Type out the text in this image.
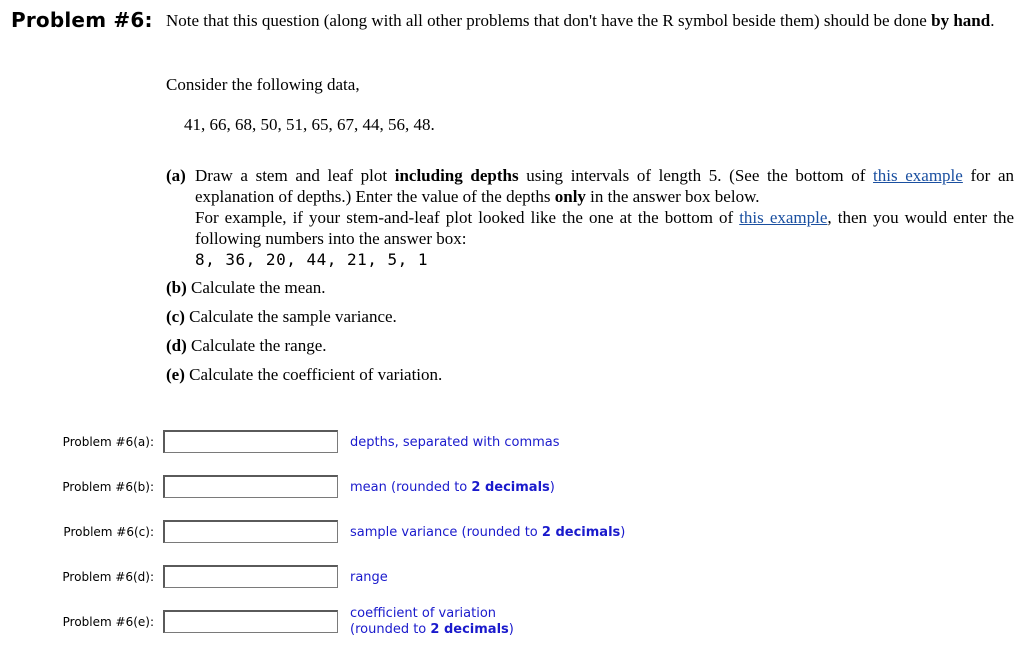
Problem #6: Note that this question (along with all other problems that don't have the R symbol beside them) should be done by hand.
Consider the following data,
41, 66, 68, 50, 51, 65, 67, 44, 56, 48.
(a) Draw a stem and leaf plot including depths using intervals of length 5. (See the bottom of this example for an explanation of depths.) Enter the value of the depths only in the answer box below.
For example, if your stem-and-leaf plot looked like the one at the bottom of this example, then you would enter the following numbers into the answer box:
8, 36, 20, 44, 21, 5, 1
(b) Calculate the mean.
(c) Calculate the sample variance.
(d) Calculate the range.
(e) Calculate the coefficient of variation.
Problem #6(a):	depths, separated with commas
Problem #6(b):	mean (rounded to 2 decimals)
Problem #6(c):	sample variance (rounded to 2 decimals)
Problem #6(d):	range
Problem #6(e):
coefficient of variation
(rounded to 2 decimals)
